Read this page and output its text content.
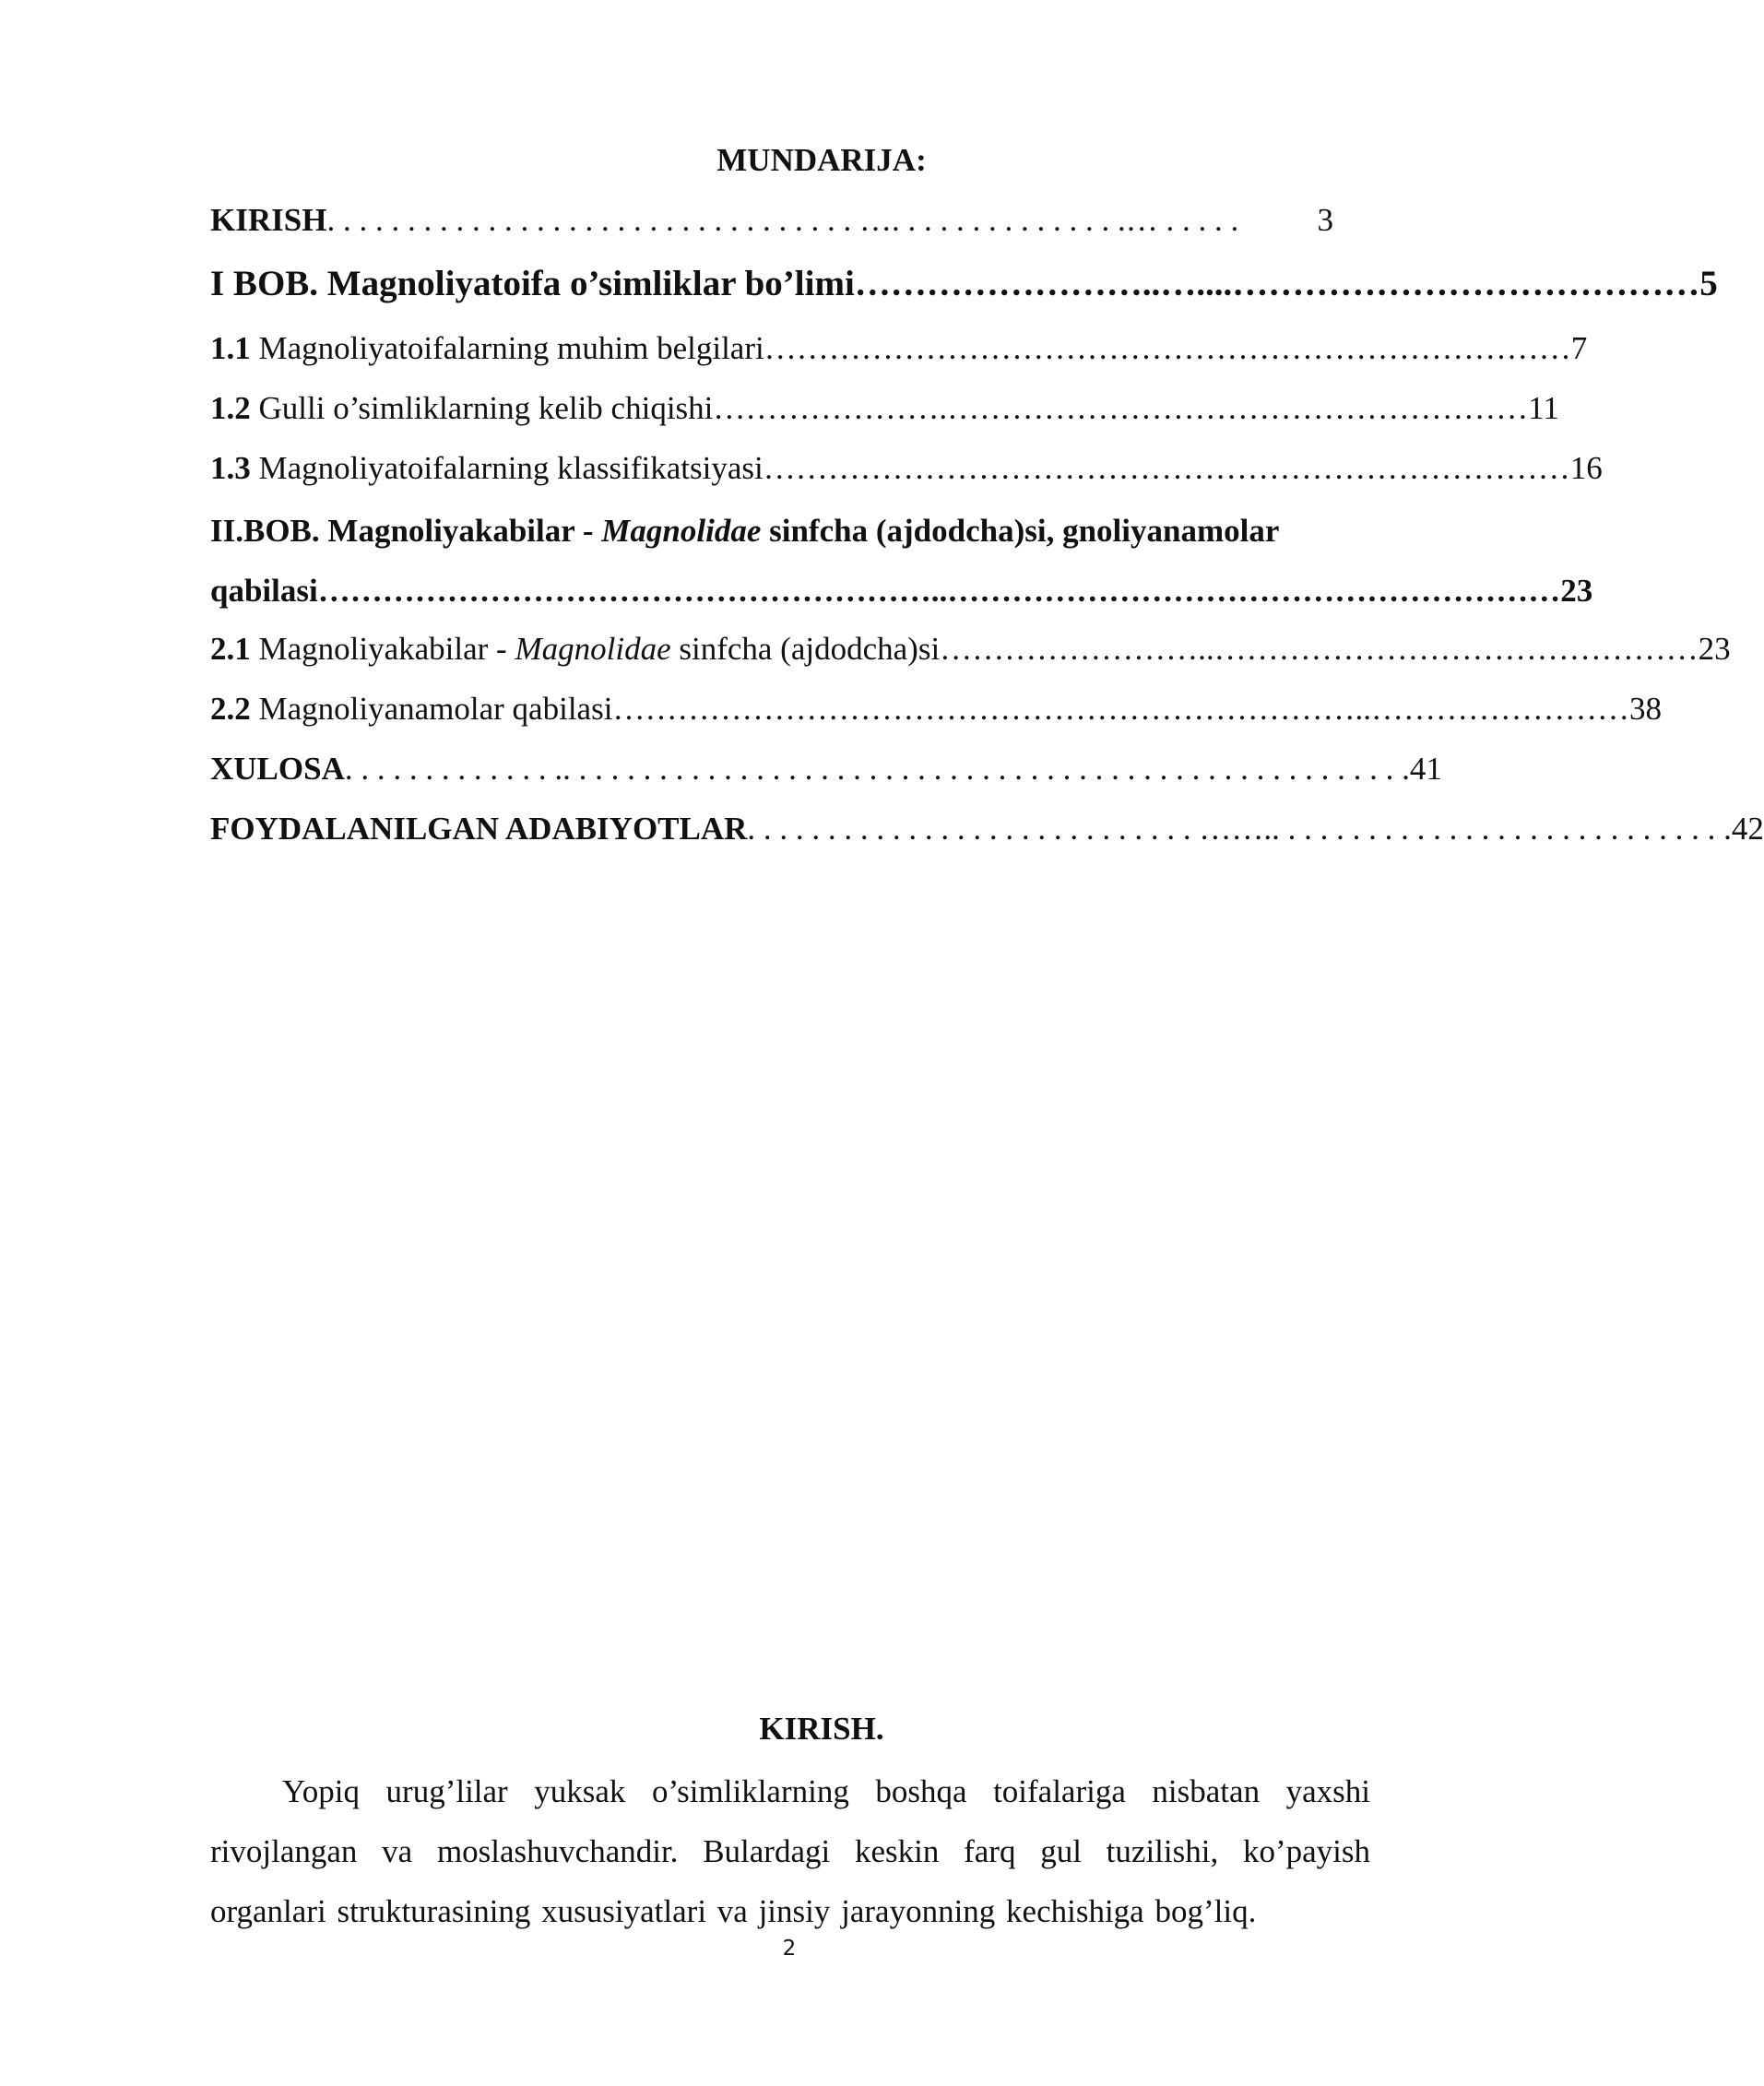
MUNDARIJA:
KIRISH . . . . . . . . . . . . . . . . . . . . . . . . . . . . . . . . . …. . . . . . . . . . . . . . .… . . . . .	3
I BOB. Magnoliyatoifa o’simliklar bo’limi ……………………..…....………………………………… 5
1.1 Magnoliyatoifalarning muhim belgilari ………………………………………………………………… 7
1.2 Gulli o’simliklarning kelib chiqishi ………………….……………………………………………… 11
1.3 Magnoliyatoifalarning klassifikatsiyasi ………………………………………………………………… 16
II.BOB. Magnoliyakabilar - Magnolidae sinfcha (ajdodcha)si, gnoliyanamolar
qabilasi …………………………………………………..………………………………………………… 23
2.1 Magnoliyakabilar - Magnolidae sinfcha (ajdodcha)si ……………………..……………………………………… 23
2.2 Magnoliyanamolar qabilasi ……………………………………………………………..…………………… 38
XULOSA . . . . . . . . . . . . . .. . . . . . . . . . . . . . . . . . . . . . . . . . . . . . . . . . . . . . . . . . . . . . . . . . . . . 41
FOYDALANILGAN ADABIYOTLAR . . . . . . . . . . . . . . . . . . . . . . . . . . . . …….. . . . . . . . . . . . . . . . . . . . . . . . . . . . . 42
KIRISH.
Yopiq urug’lilar yuksak o’simliklarning boshqa toifalariga nisbatan yaxshi rivojlangan va moslashuvchandir. Bulardagi keskin farq gul tuzilishi, ko’payish organlari strukturasining xususiyatlari va jinsiy jarayonning kechishiga bog’liq.
2
